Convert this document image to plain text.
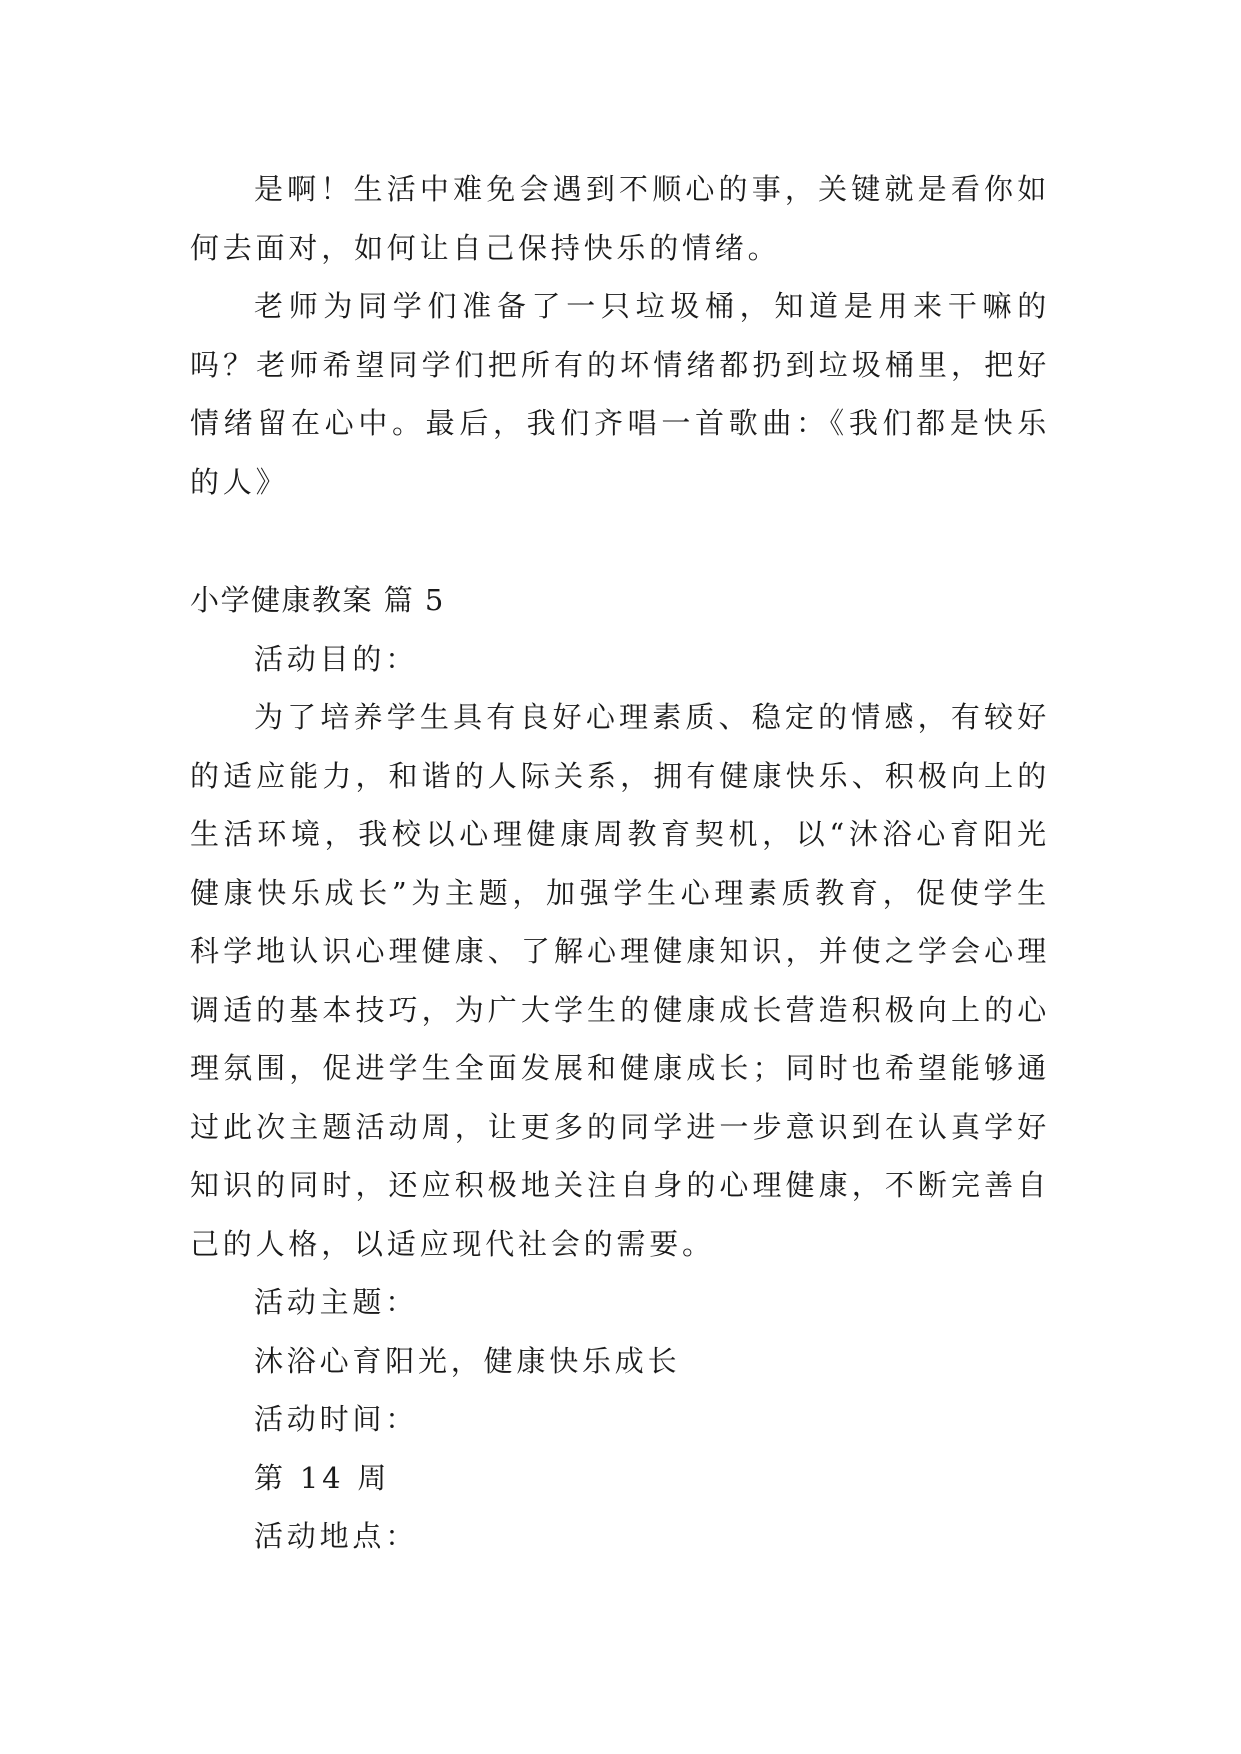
是啊！生活中难免会遇到不顺心的事，关键就是看你如何去面对，如何让自己保持快乐的情绪。

老师为同学们准备了一只垃圾桶，知道是用来干嘛的吗？老师希望同学们把所有的坏情绪都扔到垃圾桶里，把好情绪留在心中。最后，我们齐唱一首歌曲：《我们都是快乐的人》

小学健康教案 篇 5

活动目的：

为了培养学生具有良好心理素质、稳定的情感，有较好的适应能力，和谐的人际关系，拥有健康快乐、积极向上的生活环境，我校以心理健康周教育契机，以“沐浴心育阳光 健康快乐成长”为主题，加强学生心理素质教育，促使学生科学地认识心理健康、了解心理健康知识，并使之学会心理调适的基本技巧，为广大学生的健康成长营造积极向上的心理氛围，促进学生全面发展和健康成长；同时也希望能够通过此次主题活动周，让更多的同学进一步意识到在认真学好知识的同时，还应积极地关注自身的心理健康，不断完善自己的人格，以适应现代社会的需要。

活动主题：

沐浴心育阳光，健康快乐成长

活动时间：

第 14 周

活动地点：
